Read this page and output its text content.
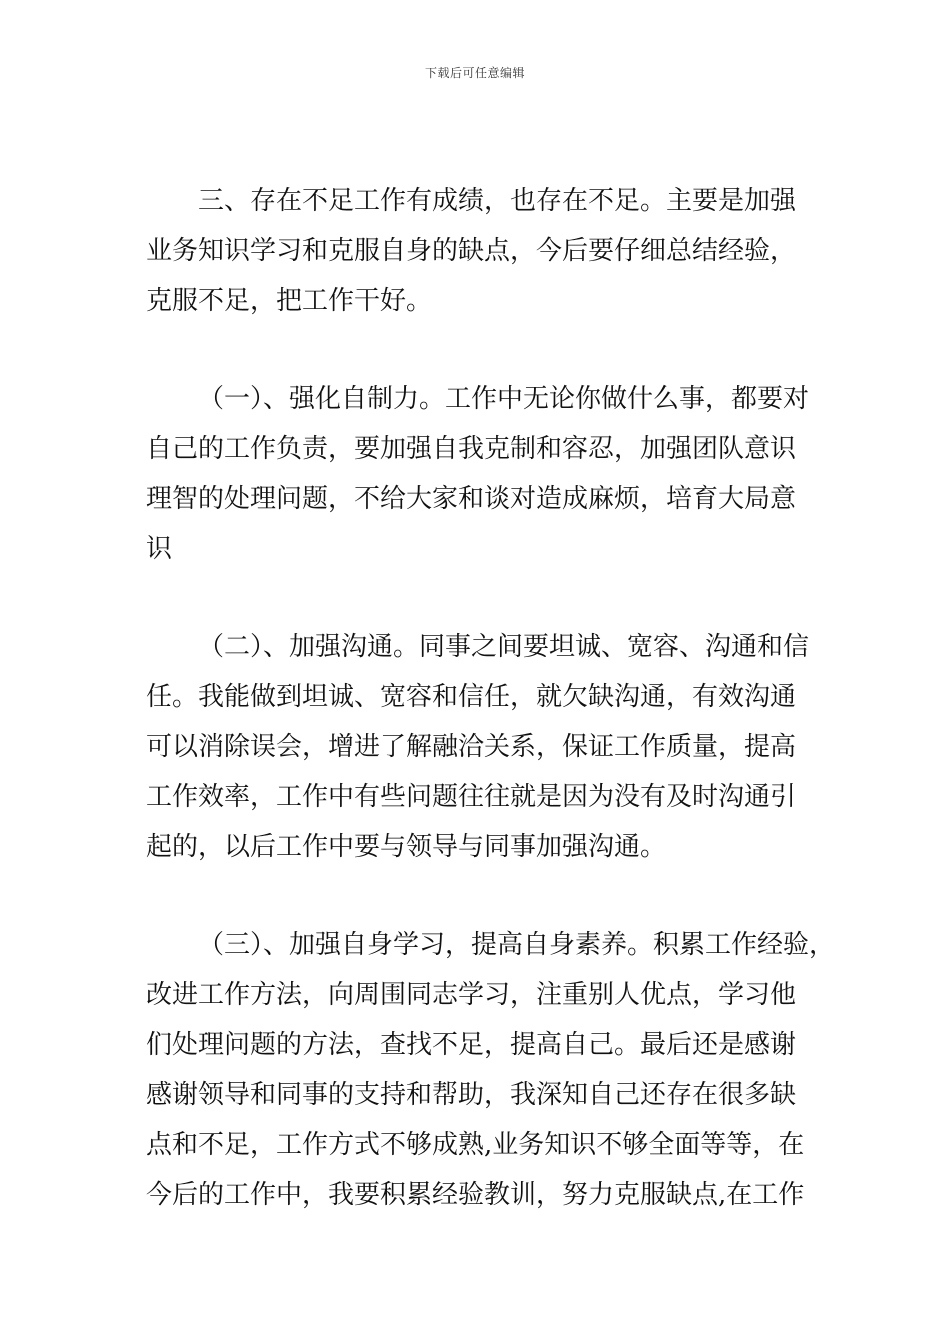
下载后可任意编辑
三、存在不足工作有成绩，也存在不足。主要是加强
业务知识学习和克服自身的缺点，今后要仔细总结经验，
克服不足，把工作干好。
（一）、强化自制力。工作中无论你做什么事，都要对
自己的工作负责，要加强自我克制和容忍，加强团队意识
理智的处理问题，不给大家和谈对造成麻烦，培育大局意
识
（二）、加强沟通。同事之间要坦诚、宽容、沟通和信
任。我能做到坦诚、宽容和信任，就欠缺沟通，有效沟通
可以消除误会，增进了解融洽关系，保证工作质量，提高
工作效率，工作中有些问题往往就是因为没有及时沟通引
起的，以后工作中要与领导与同事加强沟通。
（三）、加强自身学习，提高自身素养。积累工作经验，
改进工作方法，向周围同志学习，注重别人优点，学习他
们处理问题的方法，查找不足，提高自己。最后还是感谢
感谢领导和同事的支持和帮助，我深知自己还存在很多缺
点和不足，工作方式不够成熟,业务知识不够全面等等，在
今后的工作中，我要积累经验教训，努力克服缺点,在工作
